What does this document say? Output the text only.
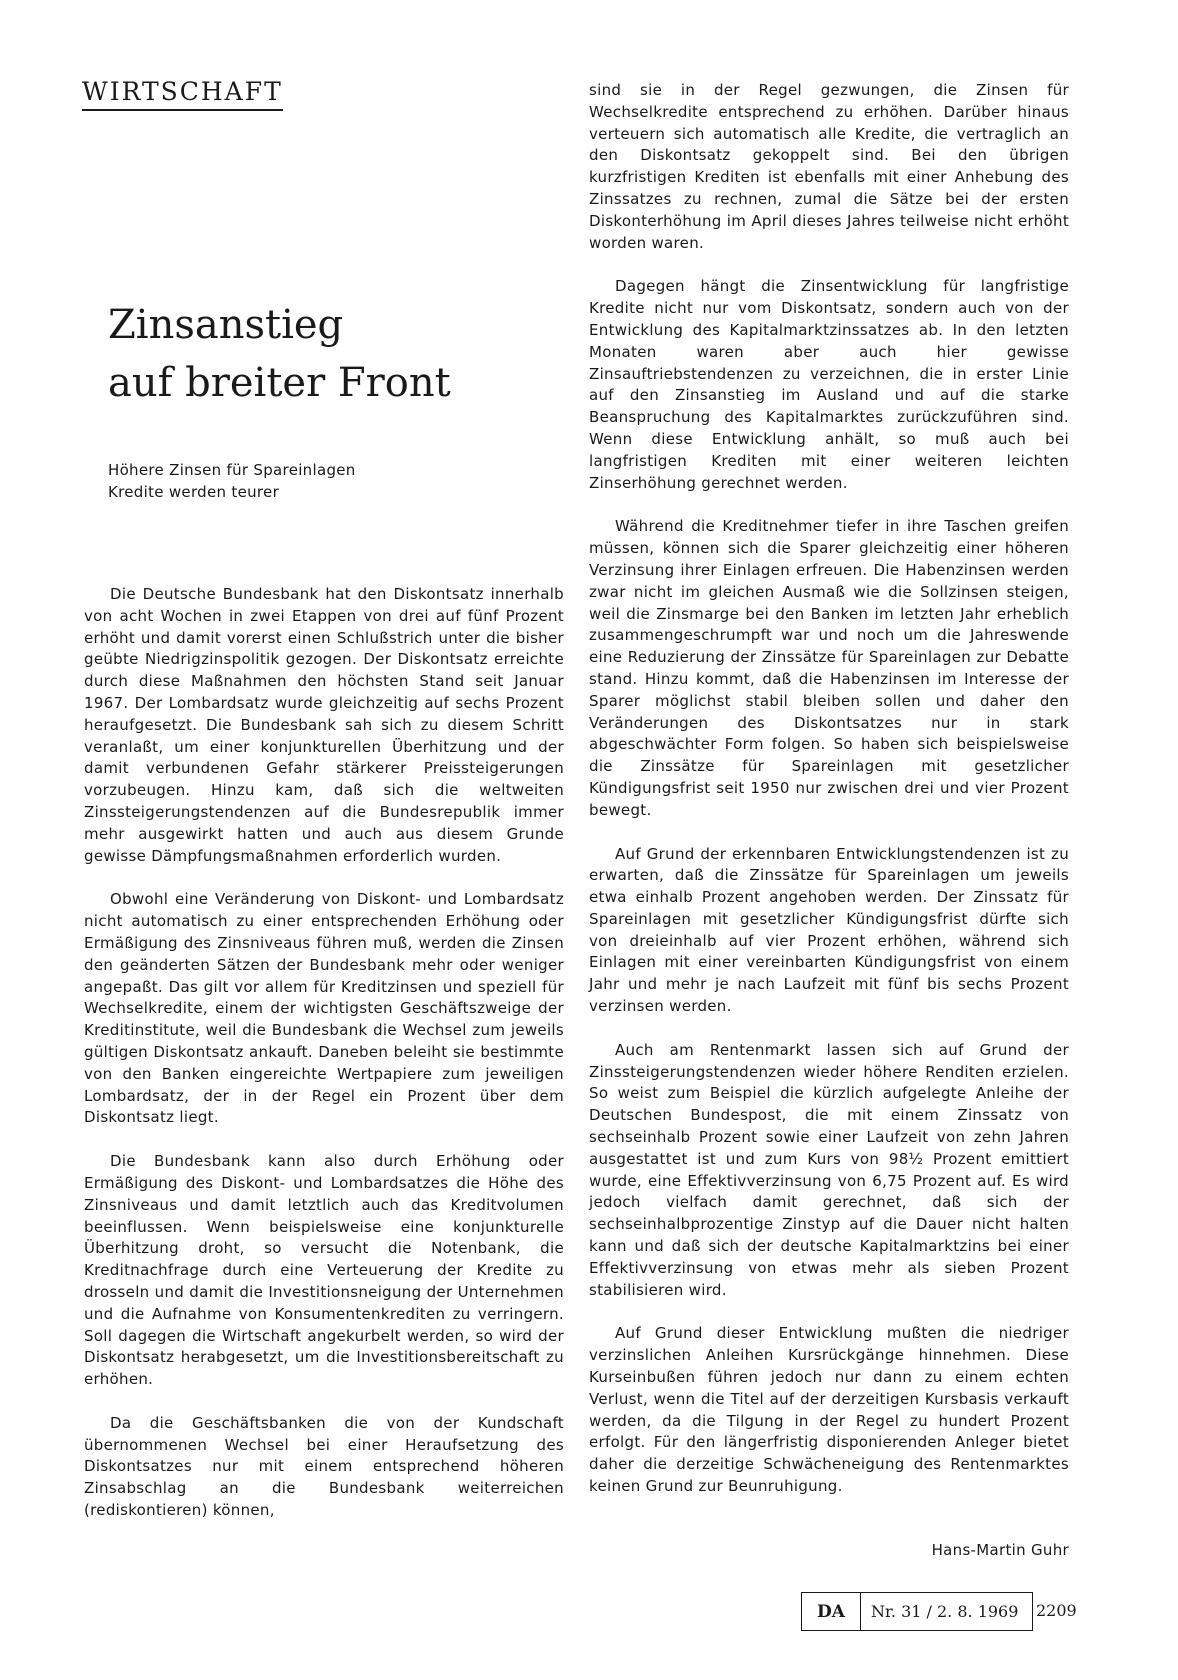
WIRTSCHAFT
Zinsanstieg
auf breiter Front
Höhere Zinsen für Spareinlagen
Kredite werden teurer

Die Deutsche Bundesbank hat den Diskontsatz innerhalb von acht Wochen in zwei Etappen von drei auf fünf Prozent erhöht und damit vorerst einen Schlußstrich unter die bisher geübte Niedrigzinspolitik gezogen. Der Diskontsatz erreichte durch diese Maßnahmen den höchsten Stand seit Januar 1967. Der Lombardsatz wurde gleichzeitig auf sechs Prozent heraufgesetzt. Die Bundesbank sah sich zu diesem Schritt veranlaßt, um einer konjunkturellen Überhitzung und der damit verbundenen Gefahr stärkerer Preissteigerungen vorzubeugen. Hinzu kam, daß sich die weltweiten Zinssteigerungstendenzen auf die Bundesrepublik immer mehr ausgewirkt hatten und auch aus diesem Grunde gewisse Dämpfungsmaßnahmen erforderlich wurden.

Obwohl eine Veränderung von Diskont- und Lombardsatz nicht automatisch zu einer entsprechenden Erhöhung oder Ermäßigung des Zinsniveaus führen muß, werden die Zinsen den geänderten Sätzen der Bundesbank mehr oder weniger angepaßt. Das gilt vor allem für Kreditzinsen und speziell für Wechselkredite, einem der wichtigsten Geschäftszweige der Kreditinstitute, weil die Bundesbank die Wechsel zum jeweils gültigen Diskontsatz ankauft. Daneben beleiht sie bestimmte von den Banken eingereichte Wertpapiere zum jeweiligen Lombardsatz, der in der Regel ein Prozent über dem Diskontsatz liegt.

Die Bundesbank kann also durch Erhöhung oder Ermäßigung des Diskont- und Lombardsatzes die Höhe des Zinsniveaus und damit letztlich auch das Kreditvolumen beeinflussen. Wenn beispielsweise eine konjunkturelle Überhitzung droht, so versucht die Notenbank, die Kreditnachfrage durch eine Verteuerung der Kredite zu drosseln und damit die Investitionsneigung der Unternehmen und die Aufnahme von Konsumentenkrediten zu verringern. Soll dagegen die Wirtschaft angekurbelt werden, so wird der Diskontsatz herabgesetzt, um die Investitionsbereitschaft zu erhöhen.

Da die Geschäftsbanken die von der Kundschaft übernommenen Wechsel bei einer Heraufsetzung des Diskontsatzes nur mit einem entsprechend höheren Zinsabschlag an die Bundesbank weiterreichen (rediskontieren) können,

sind sie in der Regel gezwungen, die Zinsen für Wechselkredite entsprechend zu erhöhen. Darüber hinaus verteuern sich automatisch alle Kredite, die vertraglich an den Diskontsatz gekoppelt sind. Bei den übrigen kurzfristigen Krediten ist ebenfalls mit einer Anhebung des Zinssatzes zu rechnen, zumal die Sätze bei der ersten Diskonterhöhung im April dieses Jahres teilweise nicht erhöht worden waren.

Dagegen hängt die Zinsentwicklung für langfristige Kredite nicht nur vom Diskontsatz, sondern auch von der Entwicklung des Kapitalmarktzinssatzes ab. In den letzten Monaten waren aber auch hier gewisse Zinsauftriebstendenzen zu verzeichnen, die in erster Linie auf den Zinsanstieg im Ausland und auf die starke Beanspruchung des Kapitalmarktes zurückzuführen sind. Wenn diese Entwicklung anhält, so muß auch bei langfristigen Krediten mit einer weiteren leichten Zinserhöhung gerechnet werden.

Während die Kreditnehmer tiefer in ihre Taschen greifen müssen, können sich die Sparer gleichzeitig einer höheren Verzinsung ihrer Einlagen erfreuen. Die Habenzinsen werden zwar nicht im gleichen Ausmaß wie die Sollzinsen steigen, weil die Zinsmarge bei den Banken im letzten Jahr erheblich zusammengeschrumpft war und noch um die Jahreswende eine Reduzierung der Zinssätze für Spareinlagen zur Debatte stand. Hinzu kommt, daß die Habenzinsen im Interesse der Sparer möglichst stabil bleiben sollen und daher den Veränderungen des Diskontsatzes nur in stark abgeschwächter Form folgen. So haben sich beispielsweise die Zinssätze für Spareinlagen mit gesetzlicher Kündigungsfrist seit 1950 nur zwischen drei und vier Prozent bewegt.

Auf Grund der erkennbaren Entwicklungstendenzen ist zu erwarten, daß die Zinssätze für Spareinlagen um jeweils etwa einhalb Prozent angehoben werden. Der Zinssatz für Spareinlagen mit gesetzlicher Kündigungsfrist dürfte sich von dreieinhalb auf vier Prozent erhöhen, während sich Einlagen mit einer vereinbarten Kündigungsfrist von einem Jahr und mehr je nach Laufzeit mit fünf bis sechs Prozent verzinsen werden.

Auch am Rentenmarkt lassen sich auf Grund der Zinssteigerungstendenzen wieder höhere Renditen erzielen. So weist zum Beispiel die kürzlich aufgelegte Anleihe der Deutschen Bundespost, die mit einem Zinssatz von sechseinhalb Prozent sowie einer Laufzeit von zehn Jahren ausgestattet ist und zum Kurs von 98½ Prozent emittiert wurde, eine Effektivverzinsung von 6,75 Prozent auf. Es wird jedoch vielfach damit gerechnet, daß sich der sechseinhalbprozentige Zinstyp auf die Dauer nicht halten kann und daß sich der deutsche Kapitalmarktzins bei einer Effektivverzinsung von etwas mehr als sieben Prozent stabilisieren wird.

Auf Grund dieser Entwicklung mußten die niedriger verzinslichen Anleihen Kursrückgänge hinnehmen. Diese Kurseinbußen führen jedoch nur dann zu einem echten Verlust, wenn die Titel auf der derzeitigen Kursbasis verkauft werden, da die Tilgung in der Regel zu hundert Prozent erfolgt. Für den längerfristig disponierenden Anleger bietet daher die derzeitige Schwächeneigung des Rentenmarktes keinen Grund zur Beunruhigung.

Hans-Martin Guhr
DA	Nr. 31 / 2. 8. 1969	2209
